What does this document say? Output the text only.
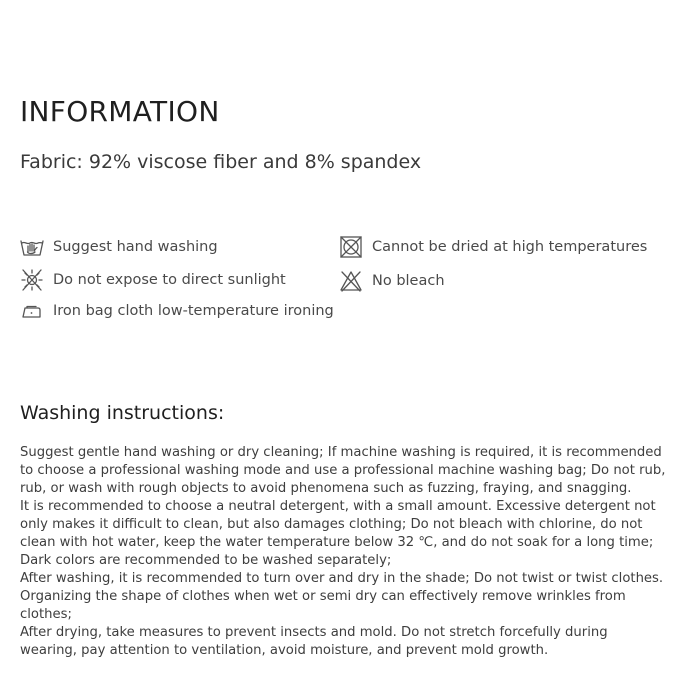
INFORMATION
Fabric: 92% viscose fiber and 8% spandex
Suggest hand washing
Do not expose to direct sunlight
Iron bag cloth low-temperature ironing
Cannot be dried at high temperatures
No bleach
Washing instructions:

Suggest gentle hand washing or dry cleaning; If machine washing is required, it is recommended to choose a professional washing mode and use a professional machine washing bag; Do not rub, rub, or wash with rough objects to avoid phenomena such as fuzzing, fraying, and snagging.

It is recommended to choose a neutral detergent, with a small amount. Excessive detergent not only makes it difficult to clean, but also damages clothing; Do not bleach with chlorine, do not clean with hot water, keep the water temperature below 32 ℃, and do not soak for a long time;

Dark colors are recommended to be washed separately;

After washing, it is recommended to turn over and dry in the shade; Do not twist or twist clothes. Organizing the shape of clothes when wet or semi dry can effectively remove wrinkles from clothes;

After drying, take measures to prevent insects and mold. Do not stretch forcefully during wearing, pay attention to ventilation, avoid moisture, and prevent mold growth.
